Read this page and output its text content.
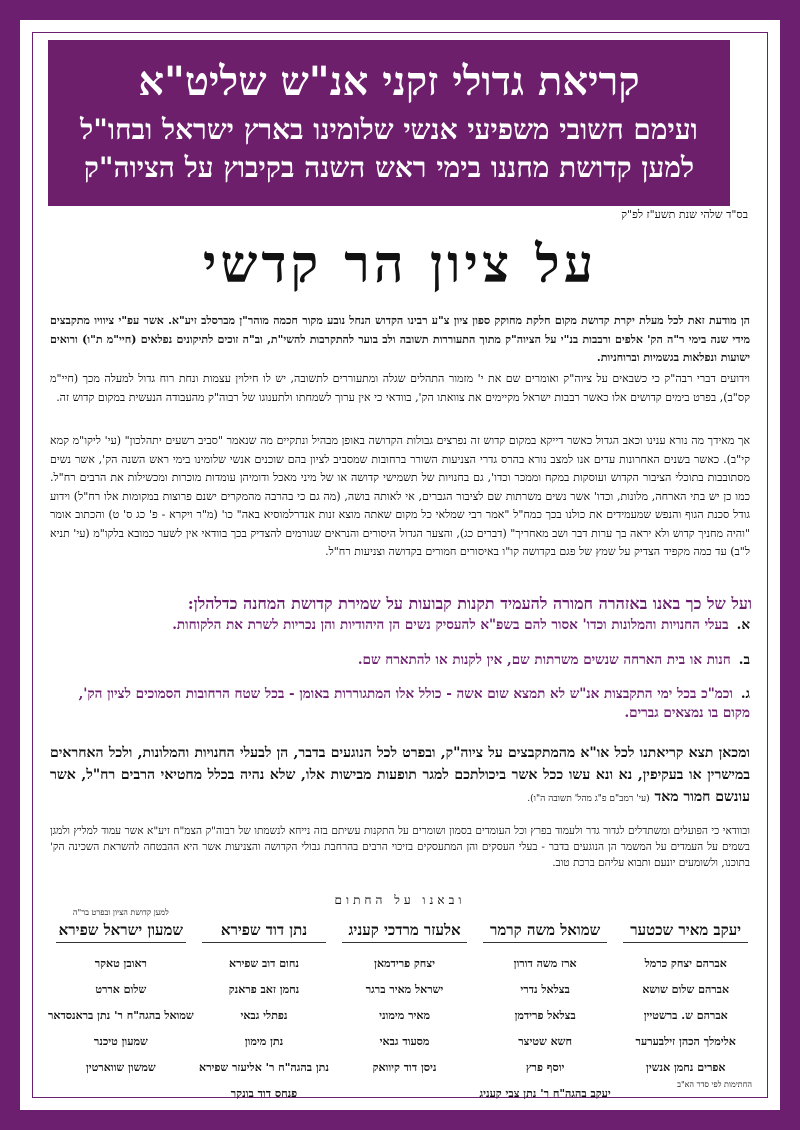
קריאת גדולי זקני אנ"ש שליט"א
ועימם חשובי משפיעי אנשי שלומינו בארץ ישראל ובחו"ל
למען קדושת מחננו בימי ראש השנה בקיבוץ על הציוה"ק
בס"ד שלהי שנת תשע"ז לפ"ק
על ציון הר קדשי
הן מודעת זאת לכל מעלת יקרת קדושת מקום חלקת מחוקק ספון ציון צ"ע רבינו הקדוש הנחל נובע מקור חכמה מוהר"ן מברסלב זיע"א. אשר עפ"י ציוויו מתקבצים מידי שנה בימי ר"ה הק' אלפים ורבבות בנ"י על הציוה"ק מתוך התעוררות תשובה ולב בוער להתקרבות להשי"ת, וב"ה זוכים לתיקונים נפלאים (חיי"מ ת"ו) ורואים ישועות ונפלאות בגשמיות וברוחניות.
וידועים דברי רבה"ק כי כשבאים על ציוה"ק ואומרים שם את י' מזמור התהלים שגלה ומתעוררים לתשובה, יש לו חילוין עצמות ונחת רוח גדול למעלה מכך (חיי"מ קס"ב), בפרט בימים קדושים אלו כאשר רבבות ישראל מקיימים את צוואתו הק', בוודאי כי אין ערוך לשמחתו ולתענוגו של רבוה"ק מהעבודה הנעשית במקום קדוש זה.
אך מאידך מה נורא ענינו וכאב הגדול כאשר דייקא במקום קדוש זה נפרצים גבולות הקדושה באופן מבהיל ונתקיים מה שנאמר "סביב רשעים יתהלכון" (עי' ליקו"מ קמא קי"ב). כאשר בשנים האחרונות עדים אנו למצב נורא בהרס גדרי הצניעות השורר ברחובות שמסביב לציון בהם שוכנים אנשי שלומינו בימי ראש השנה הק', אשר נשים מסתובבות בתוכלי הציבור הקדוש ועוסקות במקח וממכר וכדו', גם בחנויות של תשמישי קדושה או של מיני מאכל ודומיהן עומדות מוכרות ומכשילות את הרבים רח"ל. כמו כן יש בתי הארחה, מלונות, וכדו' אשר נשים משרתות שם לציבור הגברים, אי לאותה בושה, (מה גם כי בהרבה מהמקרים ישנם פרוצות במקומות אלו רח"ל) וידוע גודל סכנת הגוף והנפש שמעמידים את כולנו בכך כמח"ל "אמר רבי שמלאי כל מקום שאתה מוצא זנות אנדרלמוסיא באה" כו' (מ"ר ויקרא - פ' כג ס' ט) והכתוב אומר "והיה מחניך קדוש ולא יראה בך ערות דבר ושב מאחריך" (דברים כג), והצער הגדול היסורים והנראים שגורמים להצדיק בכך בוודאי אין לשער כמובא בלקו"מ (עי' תניא ל"ב) עד כמה מקפיד הצדיק על שמץ של פגם בקדושה קו"ו באיסורים חמורים בקדושה וצניעות רח"ל.
ועל של כך באנו באזהרה חמורה להעמיד תקנות קבועות על שמירת קדושת המחנה כדלהלן:
א.בעלי החנויות והמלונות וכדו' אסור להם בשפ"א להעסיק נשים הן היהודיות והן נכריות לשרת את הלקוחות.
ב.חנות או בית הארחה שנשים משרתות שם, אין לקנות או להתארח שם.
ג.וכמ"כ בכל ימי התקבצות אנ"ש לא תמצא שום אשה - כולל אלו המתגוררות באומן - בכל שטח הרחובות הסמוכים לציון הק', מקום בו נמצאים גברים.
ומכאן תצא קריאתנו לכל או"א מהמתקבצים על ציוה"ק, ובפרט לכל הנוגעים בדבר, הן לבעלי החנויות והמלונות, ולכל האחראים במישרין או בעקיפין, נא ונא עשו ככל אשר ביכולתכם למגר תופעות מבישות אלו, שלא נהיה בכלל מחטיאי הרבים רח"ל, אשר עונשם חמור מאד (עי' רמב"ם פ"ג מהל' תשובה ה"ו).
ובוודאי כי הפועלים ומשתדלים לגדור גדר ולעמוד בפרץ וכל העומדים בסמון ושומרים על התקנות עשיתם בזה נייחא לנשמתו של רבוה"ק הצמ"ח זיע"א אשר עמוד למליץ ולמגן בשמים על העמדים על המשמר הן הנוגעים בדבר - בעלי העסקים והן המתעסקים בזיכוי הרבים בהרחבת גבולי הקדושה והצניעות אשר היא ההבטחה להשראת השכינה הק' בתוכנו, ולשומעים יונעם ותבוא עליהם ברכת טוב.
ובאנו על החתום
יעקב מאיר שכטער
אברהם יצחק כרמל
אברהם שלום שושא
אברהם ש. ברשטיין
אלימלך הכהן זילבערער
אפרים נחמן אנשין
שמואל משה קרמר
ארז משה דורון
בצלאל נדרי
בצלאל פרידמן
חשא שטיצר
יוסף פרץ
יעקב בהגה"ח ר' נתן צבי קעניג
אלעזר מרדכי קעניג
יצחק פרידמאן
ישראל מאיר ברגר
מאיר מימוני
מסעוד גבאי
ניסן דוד קיוואק
נתן דוד שפירא
נחום דוב שפירא
נחמן זאב פראנק
נפתלי גבאי
נתן מימון
נתן בהגה"ח ר' אליעזר שפירא
פנחס דוד בונקר
למען קדושת הציון ובפרט בר"ה
שמעון ישראל שפירא
ראובן טאקר
שלום אררט
שמואל בהגה"ח ר' נתן בראנסדאר
שמעון טיכנר
שמשון שווארטין
החתימות לפי סדר הא"ב
